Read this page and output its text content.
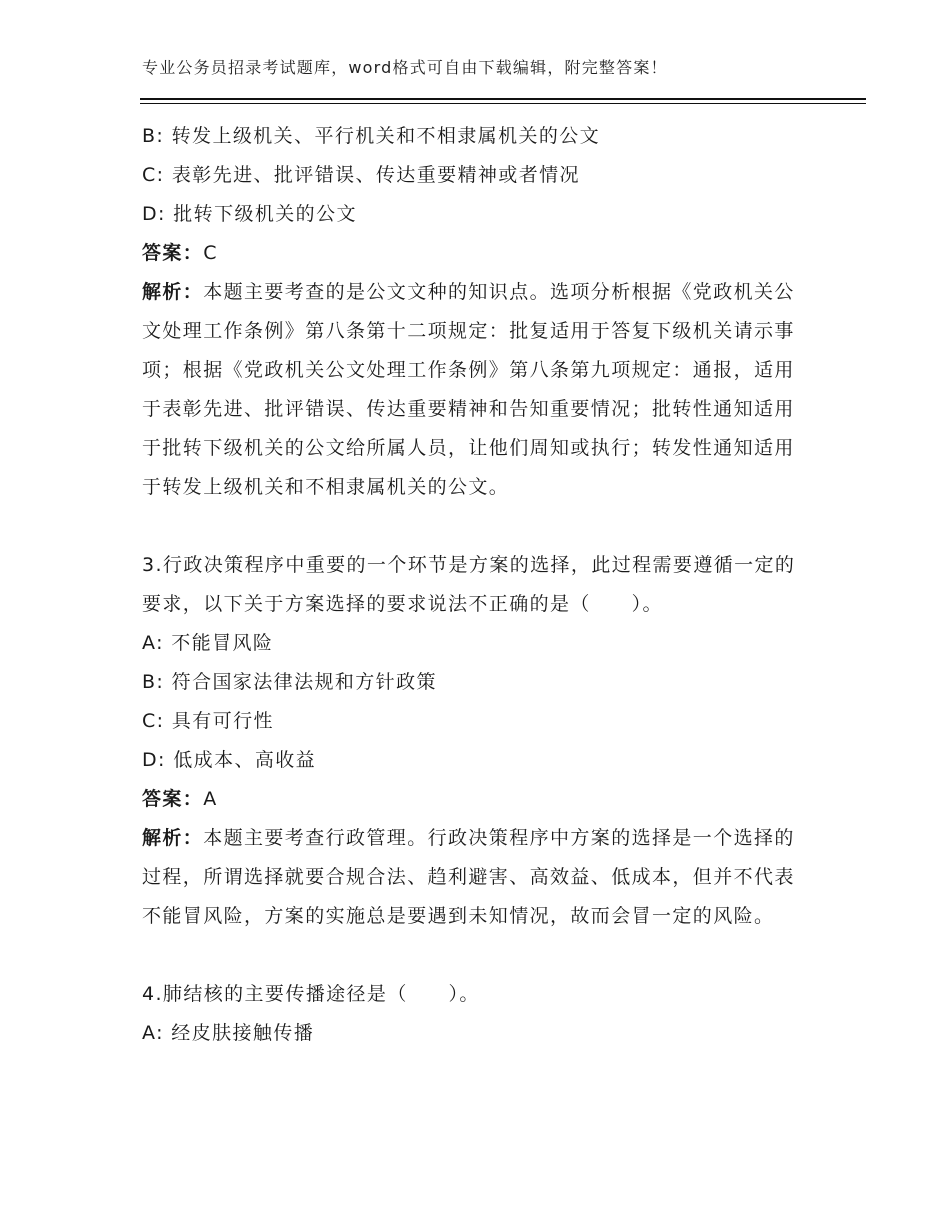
专业公务员招录考试题库，word格式可自由下载编辑，附完整答案！
B: 转发上级机关、平行机关和不相隶属机关的公文
C: 表彰先进、批评错误、传达重要精神或者情况
D: 批转下级机关的公文
答案：C
解析：本题主要考查的是公文文种的知识点。选项分析根据《党政机关公文处理工作条例》第八条第十二项规定：批复适用于答复下级机关请示事项；根据《党政机关公文处理工作条例》第八条第九项规定：通报，适用于表彰先进、批评错误、传达重要精神和告知重要情况；批转性通知适用于批转下级机关的公文给所属人员，让他们周知或执行；转发性通知适用于转发上级机关和不相隶属机关的公文。
3.行政决策程序中重要的一个环节是方案的选择，此过程需要遵循一定的要求，以下关于方案选择的要求说法不正确的是（　　）。
A: 不能冒风险
B: 符合国家法律法规和方针政策
C: 具有可行性
D: 低成本、高收益
答案：A
解析：本题主要考查行政管理。行政决策程序中方案的选择是一个选择的过程，所谓选择就要合规合法、趋利避害、高效益、低成本，但并不代表不能冒风险，方案的实施总是要遇到未知情况，故而会冒一定的风险。
4.肺结核的主要传播途径是（　　）。
A: 经皮肤接触传播
